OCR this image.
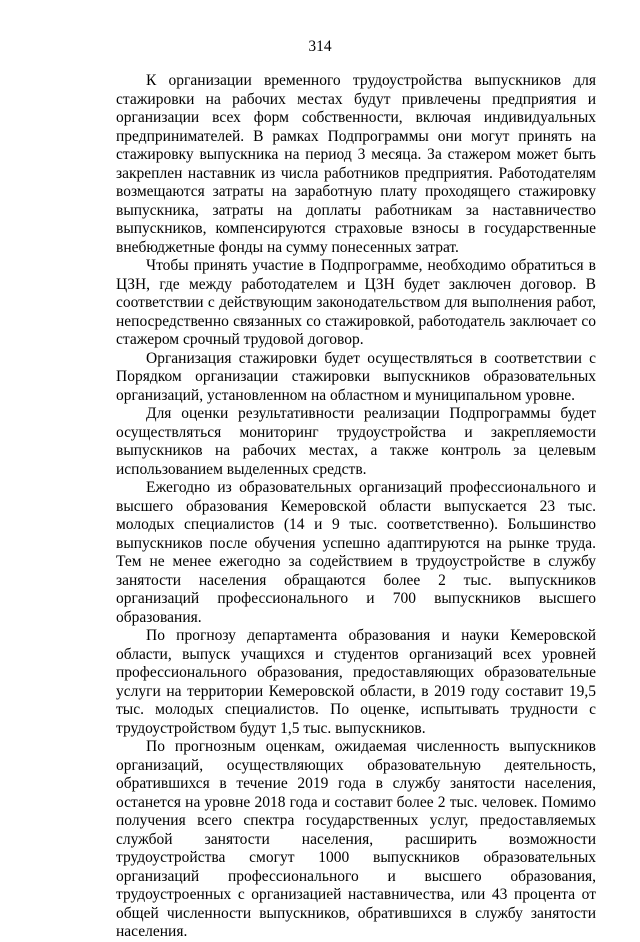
314

К организации временного трудоустройства выпускников для стажировки на рабочих местах будут привлечены предприятия и организации всех форм собственности, включая индивидуальных предпринимателей. В рамках Подпрограммы они могут принять на стажировку выпускника на период 3 месяца. За стажером может быть закреплен наставник из числа работников предприятия. Работодателям возмещаются затраты на заработную плату проходящего стажировку выпускника, затраты на доплаты работникам за наставничество выпускников, компенсируются страховые взносы в государственные внебюджетные фонды на сумму понесенных затрат.

Чтобы принять участие в Подпрограмме, необходимо обратиться в ЦЗН, где между работодателем и ЦЗН будет заключен договор. В соответствии с действующим законодательством для выполнения работ, непосредственно связанных со стажировкой, работодатель заключает со стажером срочный трудовой договор.

Организация стажировки будет осуществляться в соответствии с Порядком организации стажировки выпускников образовательных организаций, установленном на областном и муниципальном уровне.

Для оценки результативности реализации Подпрограммы будет осуществляться мониторинг трудоустройства и закрепляемости выпускников на рабочих местах, а также контроль за целевым использованием выделенных средств.

Ежегодно из образовательных организаций профессионального и высшего образования Кемеровской области выпускается 23 тыс. молодых специалистов (14 и 9 тыс. соответственно). Большинство выпускников после обучения успешно адаптируются на рынке труда. Тем не менее ежегодно за содействием в трудоустройстве в службу занятости населения обращаются более 2 тыс. выпускников организаций профессионального и 700 выпускников высшего образования.

По прогнозу департамента образования и науки Кемеровской области, выпуск учащихся и студентов организаций всех уровней профессионального образования, предоставляющих образовательные услуги на территории Кемеровской области, в 2019 году составит 19,5 тыс. молодых специалистов. По оценке, испытывать трудности с трудоустройством будут 1,5 тыс. выпускников.

По прогнозным оценкам, ожидаемая численность выпускников организаций, осуществляющих образовательную деятельность, обратившихся в течение 2019 года в службу занятости населения, останется на уровне 2018 года и составит более 2 тыс. человек. Помимо получения всего спектра государственных услуг, предоставляемых службой занятости населения, расширить возможности трудоустройства смогут 1000 выпускников образовательных организаций профессионального и высшего образования, трудоустроенных с организацией наставничества, или 43 процента от общей численности выпускников, обратившихся в службу занятости населения.
